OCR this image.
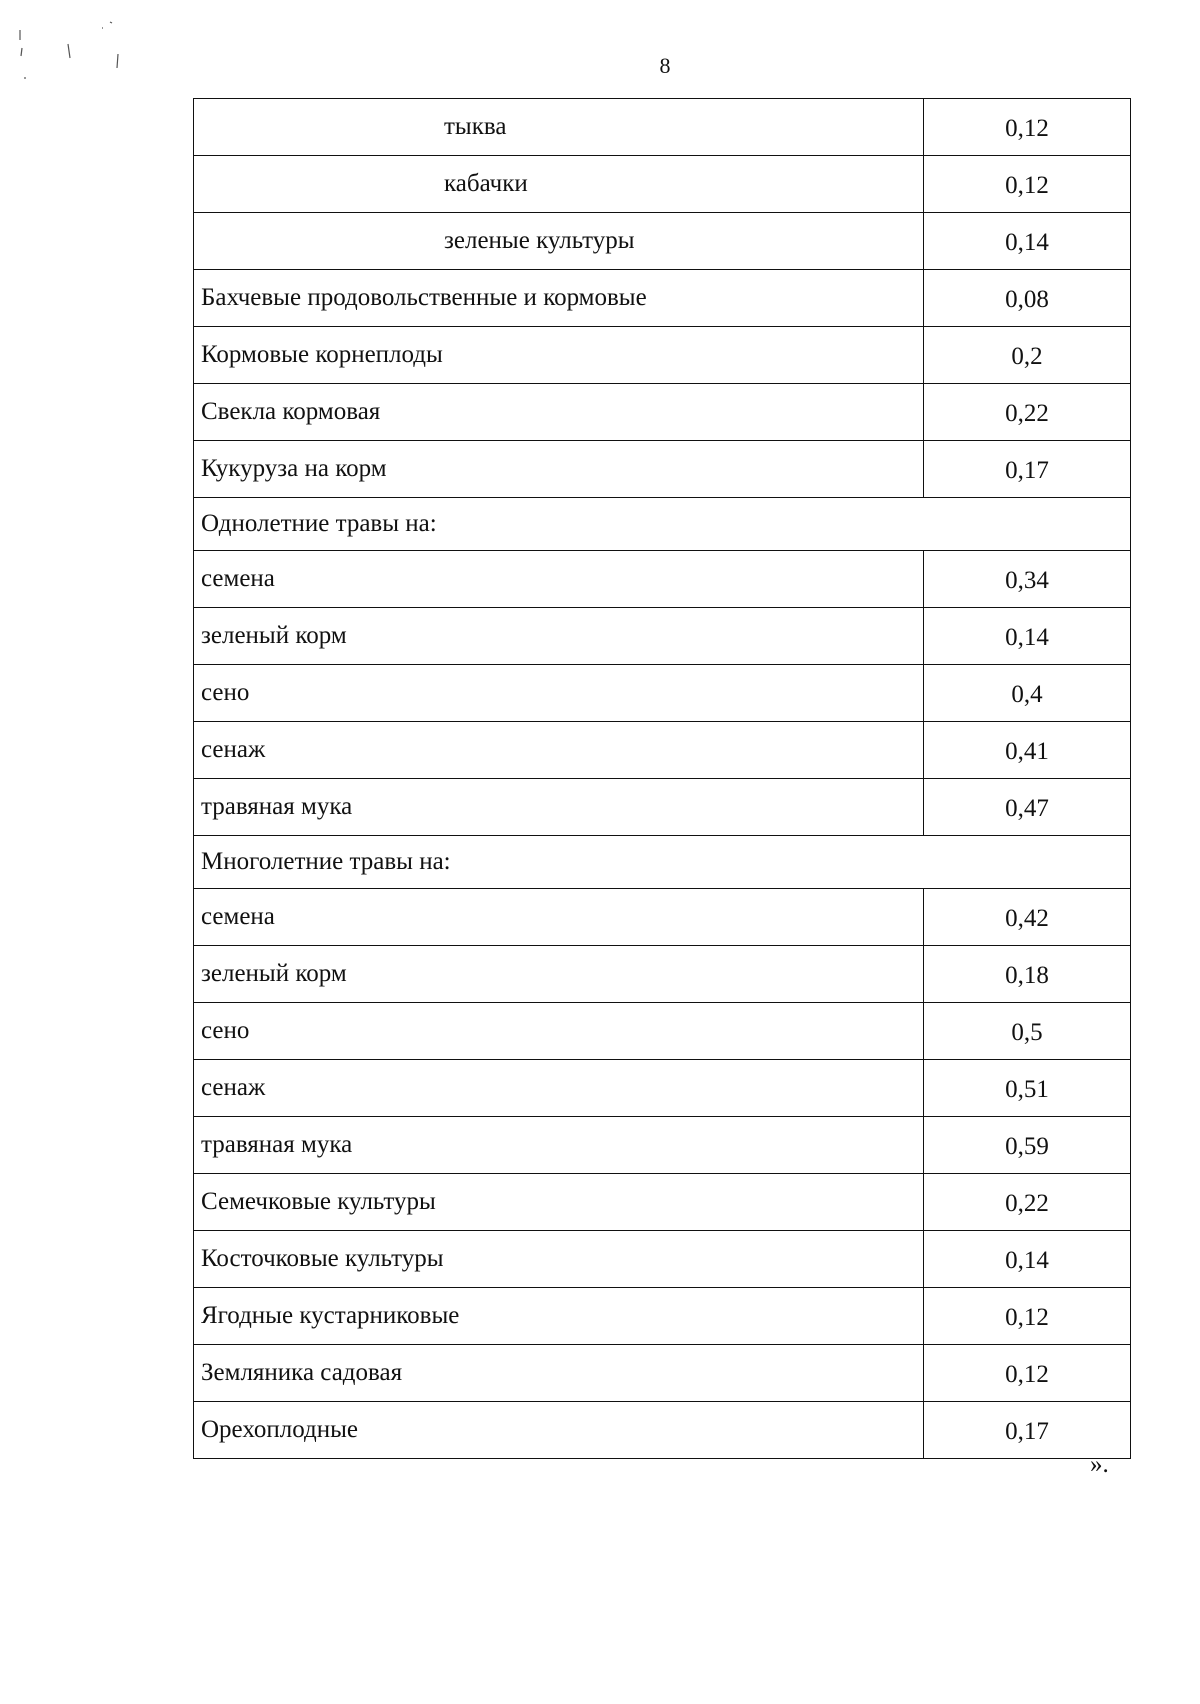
8
тыква	0,12
кабачки	0,12
зеленые культуры	0,14
Бахчевые продовольственные и кормовые	0,08
Кормовые корнеплоды	0,2
Свекла кормовая	0,22
Кукуруза на корм	0,17
Однолетние травы на:	
семена	0,34
зеленый корм	0,14
сено	0,4
сенаж	0,41
травяная мука	0,47
Многолетние травы на:	
семена	0,42
зеленый корм	0,18
сено	0,5
сенаж	0,51
травяная мука	0,59
Семечковые культуры	0,22
Косточковые культуры	0,14
Ягодные кустарниковые	0,12
Земляника садовая	0,12
Орехоплодные	0,17
».
